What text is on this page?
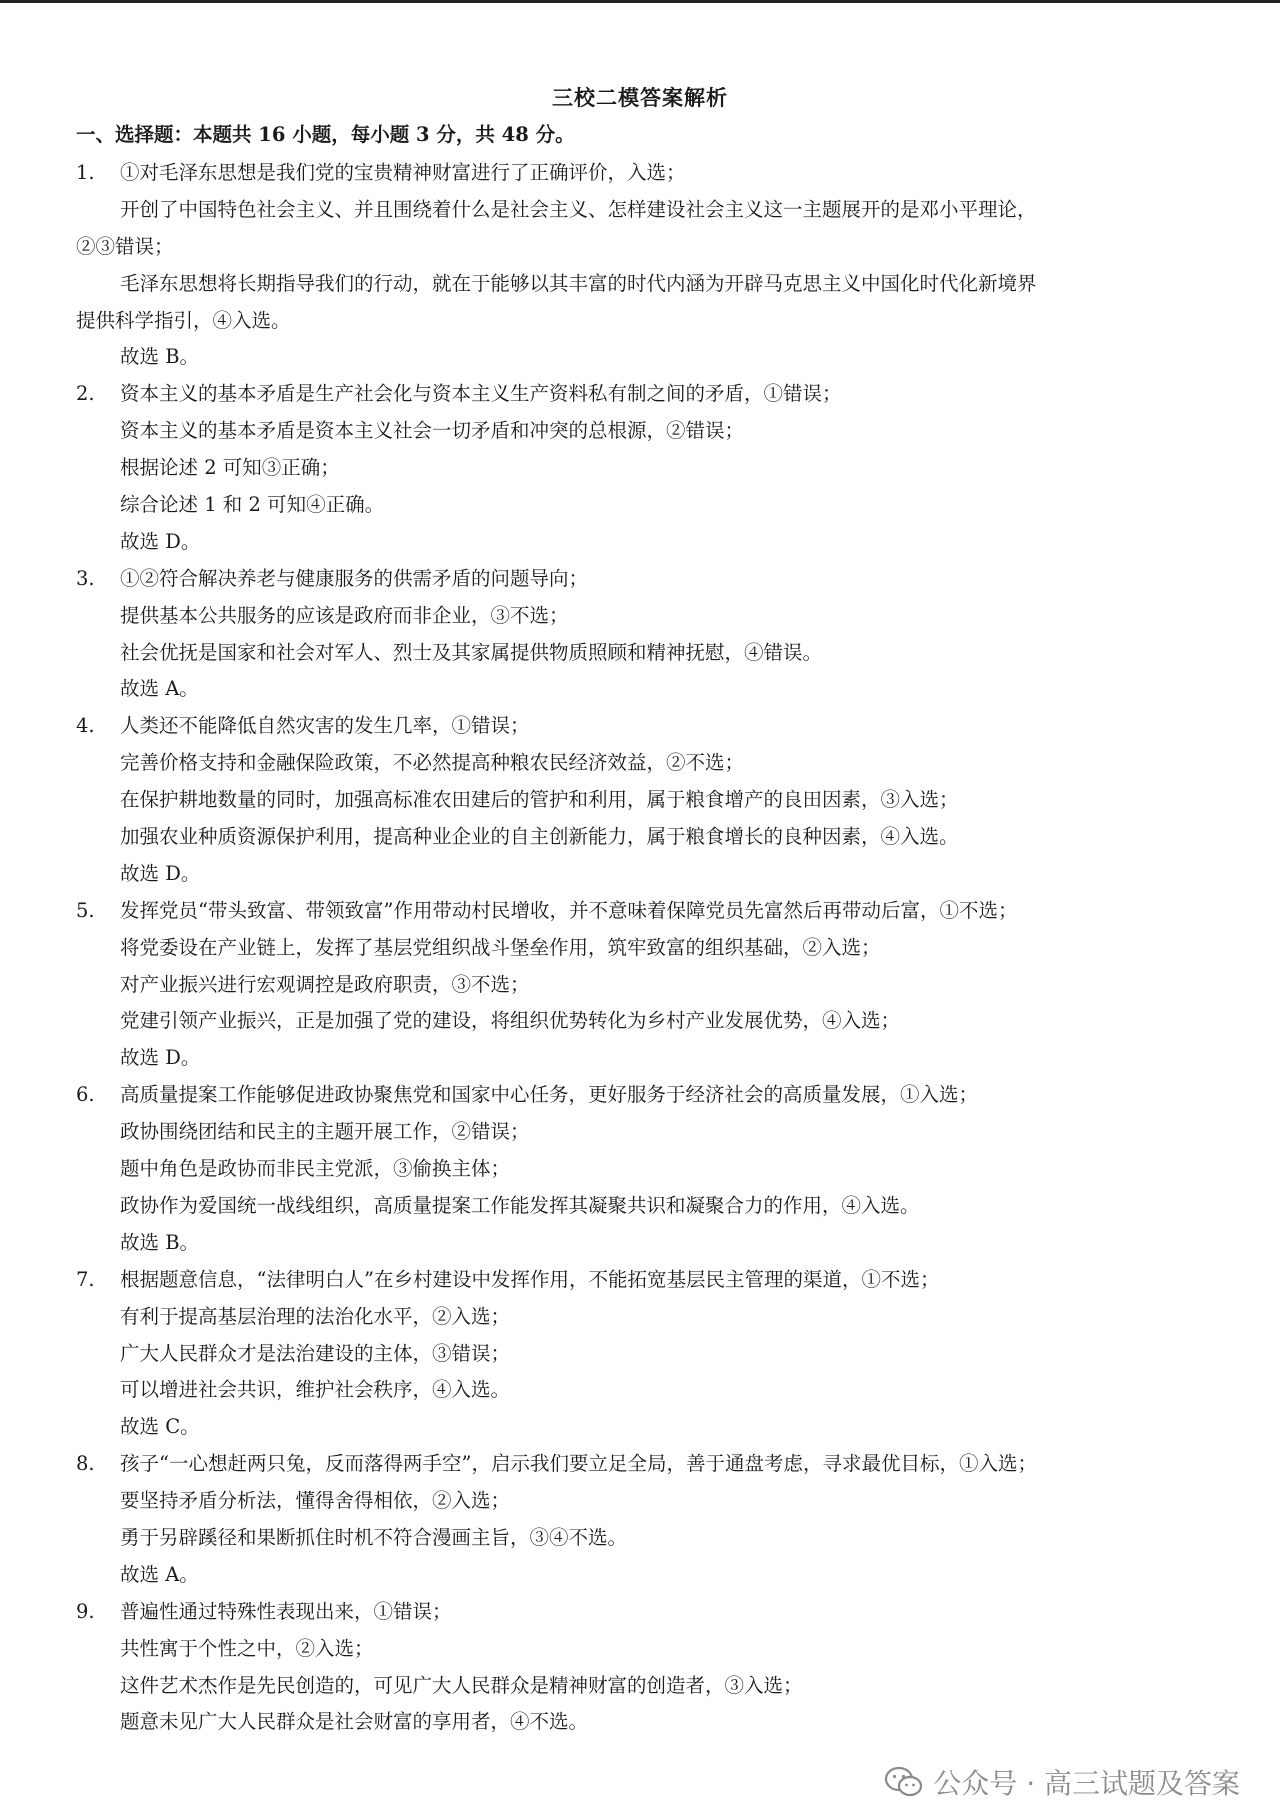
三校二模答案解析
一、选择题：本题共 16 小题，每小题 3 分，共 48 分。
1. ①对毛泽东思想是我们党的宝贵精神财富进行了正确评价，入选；
开创了中国特色社会主义、并且围绕着什么是社会主义、怎样建设社会主义这一主题展开的是邓小平理论，
②③错误；
毛泽东思想将长期指导我们的行动，就在于能够以其丰富的时代内涵为开辟马克思主义中国化时代化新境界
提供科学指引，④入选。
故选 B。
2. 资本主义的基本矛盾是生产社会化与资本主义生产资料私有制之间的矛盾，①错误；
资本主义的基本矛盾是资本主义社会一切矛盾和冲突的总根源，②错误；
根据论述 2 可知③正确；
综合论述 1 和 2 可知④正确。
故选 D。
3. ①②符合解决养老与健康服务的供需矛盾的问题导向；
提供基本公共服务的应该是政府而非企业，③不选；
社会优抚是国家和社会对军人、烈士及其家属提供物质照顾和精神抚慰，④错误。
故选 A。
4. 人类还不能降低自然灾害的发生几率，①错误；
完善价格支持和金融保险政策，不必然提高种粮农民经济效益，②不选；
在保护耕地数量的同时，加强高标准农田建后的管护和利用，属于粮食增产的良田因素，③入选；
加强农业种质资源保护利用，提高种业企业的自主创新能力，属于粮食增长的良种因素，④入选。
故选 D。
5. 发挥党员“带头致富、带领致富”作用带动村民增收，并不意味着保障党员先富然后再带动后富，①不选；
将党委设在产业链上，发挥了基层党组织战斗堡垒作用，筑牢致富的组织基础，②入选；
对产业振兴进行宏观调控是政府职责，③不选；
党建引领产业振兴，正是加强了党的建设，将组织优势转化为乡村产业发展优势，④入选；
故选 D。
6. 高质量提案工作能够促进政协聚焦党和国家中心任务，更好服务于经济社会的高质量发展，①入选；
政协围绕团结和民主的主题开展工作，②错误；
题中角色是政协而非民主党派，③偷换主体；
政协作为爱国统一战线组织，高质量提案工作能发挥其凝聚共识和凝聚合力的作用，④入选。
故选 B。
7. 根据题意信息，“法律明白人”在乡村建设中发挥作用，不能拓宽基层民主管理的渠道，①不选；
有利于提高基层治理的法治化水平，②入选；
广大人民群众才是法治建设的主体，③错误；
可以增进社会共识，维护社会秩序，④入选。
故选 C。
8. 孩子“一心想赶两只兔，反而落得两手空”，启示我们要立足全局，善于通盘考虑，寻求最优目标，①入选；
要坚持矛盾分析法，懂得舍得相依，②入选；
勇于另辟蹊径和果断抓住时机不符合漫画主旨，③④不选。
故选 A。
9. 普遍性通过特殊性表现出来，①错误；
共性寓于个性之中，②入选；
这件艺术杰作是先民创造的，可见广大人民群众是精神财富的创造者，③入选；
题意未见广大人民群众是社会财富的享用者，④不选。
公众号 · 高三试题及答案
